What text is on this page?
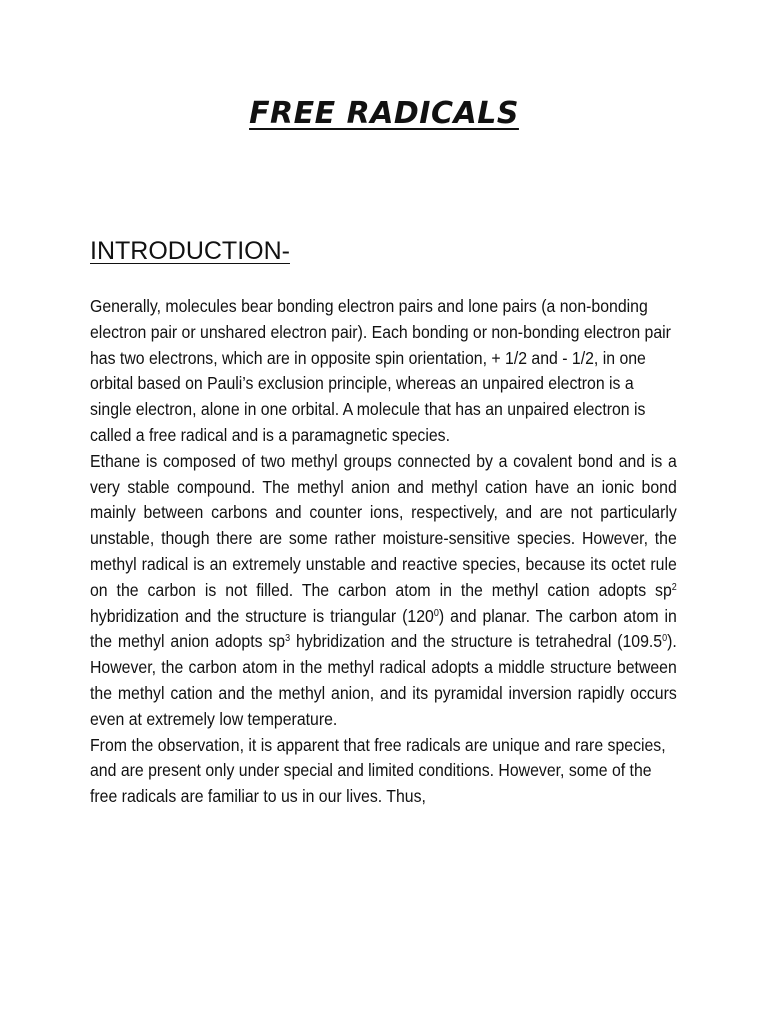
FREE RADICALS
INTRODUCTION-

Generally, molecules bear bonding electron pairs and lone pairs (a non-bonding electron pair or unshared electron pair). Each bonding or non-bonding electron pair has two electrons, which are in opposite spin orientation, + 1/2 and - 1/2, in one orbital based on Pauli’s exclusion principle, whereas an unpaired electron is a single electron, alone in one orbital. A molecule that has an unpaired electron is called a free radical and is a paramagnetic species.

Ethane is composed of two methyl groups connected by a covalent bond and is a very stable compound. The methyl anion and methyl cation have an ionic bond mainly between carbons and counter ions, respectively, and are not particularly unstable, though there are some rather moisture-sensitive species. However, the methyl radical is an extremely unstable and reactive species, because its octet rule on the carbon is not filled. The carbon atom in the methyl cation adopts $sp^2$ hybridization and the structure is triangular $(120^0)$ and planar. The carbon atom in the methyl anion adopts $sp^3$ hybridization and the structure is tetrahedral (109.5$^0$). However, the carbon atom in the methyl radical adopts a middle structure between the methyl cation and the methyl anion, and its pyramidal inversion rapidly occurs even at extremely low temperature.

From the observation, it is apparent that free radicals are unique and rare species, and are present only under special and limited conditions. However, some of the free radicals are familiar to us in our lives. Thus,
